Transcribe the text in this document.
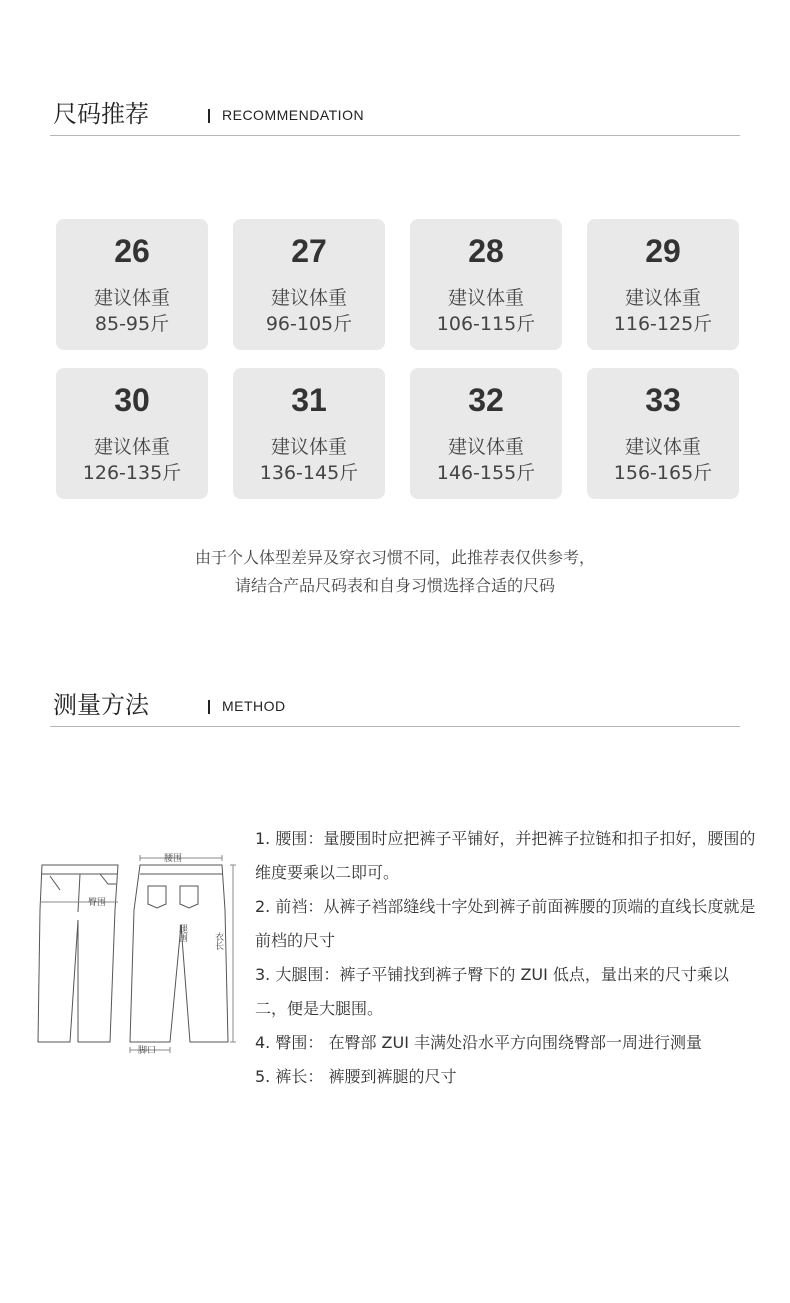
尺码推荐	RECOMMENDATION
26
建议体重
85-95斤
27
建议体重
96-105斤
28
建议体重
106-115斤
29
建议体重
116-125斤
30
建议体重
126-135斤
31
建议体重
136-145斤
32
建议体重
146-155斤
33
建议体重
156-165斤
由于个人体型差异及穿衣习惯不同，此推荐表仅供参考，
请结合产品尺码表和自身习惯选择合适的尺码
测量方法	METHOD
腰围
臀围
腿围	衣长
脚口

1. 腰围：量腰围时应把裤子平铺好，并把裤子拉链和扣子扣好，腰围的维度要乘以二即可。

2. 前裆：从裤子裆部缝线十字处到裤子前面裤腰的顶端的直线长度就是前档的尺寸

3. 大腿围：裤子平铺找到裤子臀下的 ZUI 低点，量出来的尺寸乘以二，便是大腿围。

4. 臀围： 在臀部 ZUI 丰满处沿水平方向围绕臀部一周进行测量

5. 裤长： 裤腰到裤腿的尺寸
